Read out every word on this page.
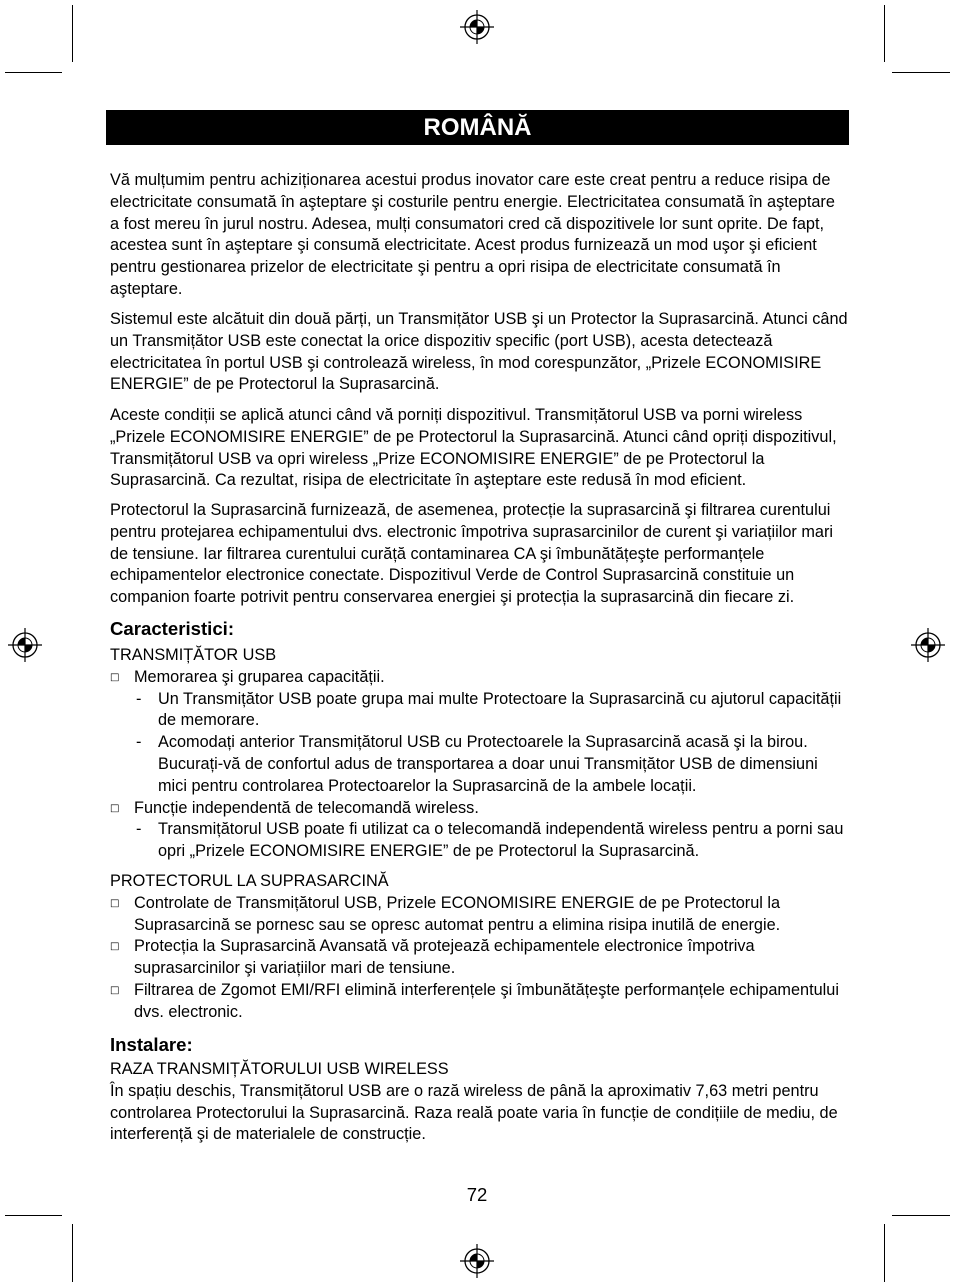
ROMÂNĂ
Vă mulțumim pentru achiziționarea acestui produs inovator care este creat pentru a reduce risipa de
electricitate consumată în aşteptare şi costurile pentru energie. Electricitatea consumată în aşteptare
a fost mereu în jurul nostru. Adesea, mulți consumatori cred că dispozitivele lor sunt oprite. De fapt,
acestea sunt în aşteptare şi consumă electricitate. Acest produs furnizează un mod uşor şi eficient
pentru gestionarea prizelor de electricitate şi pentru a opri risipa de electricitate consumată în
aşteptare.
Sistemul este alcătuit din două părți, un Transmițător USB şi un Protector la Suprasarcină. Atunci când
un Transmițător USB este conectat la orice dispozitiv specific (port USB), acesta detectează
electricitatea în portul USB şi controlează wireless, în mod corespunzător, „Prizele ECONOMISIRE
ENERGIE” de pe Protectorul la Suprasarcină.
Aceste condiții se aplică atunci când vă porniți dispozitivul. Transmițătorul USB va porni wireless
„Prizele ECONOMISIRE ENERGIE” de pe Protectorul la Suprasarcină. Atunci când opriți dispozitivul,
Transmițătorul USB va opri wireless „Prize ECONOMISIRE ENERGIE” de pe Protectorul la
Suprasarcină. Ca rezultat, risipa de electricitate în aşteptare este redusă în mod eficient.
Protectorul la Suprasarcină furnizează, de asemenea, protecție la suprasarcină şi filtrarea curentului
pentru protejarea echipamentului dvs. electronic împotriva suprasarcinilor de curent şi variațiilor mari
de tensiune. Iar filtrarea curentului curăță contaminarea CA şi îmbunătățeşte performanțele
echipamentelor electronice conectate. Dispozitivul Verde de Control Suprasarcină constituie un
companion foarte potrivit pentru conservarea energiei şi protecția la suprasarcină din fiecare zi.
Caracteristici:
TRANSMIȚĂTOR USB
□ Memorarea şi gruparea capacității.
- Un Transmițător USB poate grupa mai multe Protectoare la Suprasarcină cu ajutorul capacității
de memorare.
- Acomodați anterior Transmițătorul USB cu Protectoarele la Suprasarcină acasă şi la birou.
Bucurați-vă de confortul adus de transportarea a doar unui Transmițător USB de dimensiuni
mici pentru controlarea Protectoarelor la Suprasarcină de la ambele locații.
□ Funcție independentă de telecomandă wireless.
- Transmițătorul USB poate fi utilizat ca o telecomandă independentă wireless pentru a porni sau
opri „Prizele ECONOMISIRE ENERGIE” de pe Protectorul la Suprasarcină.
PROTECTORUL LA SUPRASARCINĂ
□ Controlate de Transmițătorul USB, Prizele ECONOMISIRE ENERGIE de pe Protectorul la
Suprasarcină se pornesc sau se opresc automat pentru a elimina risipa inutilă de energie.
□ Protecția la Suprasarcină Avansată vă protejează echipamentele electronice împotriva
suprasarcinilor şi variațiilor mari de tensiune.
□ Filtrarea de Zgomot EMI/RFI elimină interferențele şi îmbunătățeşte performanțele echipamentului
dvs. electronic.
Instalare:
RAZA TRANSMIȚĂTORULUI USB WIRELESS
În spațiu deschis, Transmițătorul USB are o rază wireless de până la aproximativ 7,63 metri pentru
controlarea Protectorului la Suprasarcină. Raza reală poate varia în funcție de condițiile de mediu, de
interferență şi de materialele de construcție.
72
